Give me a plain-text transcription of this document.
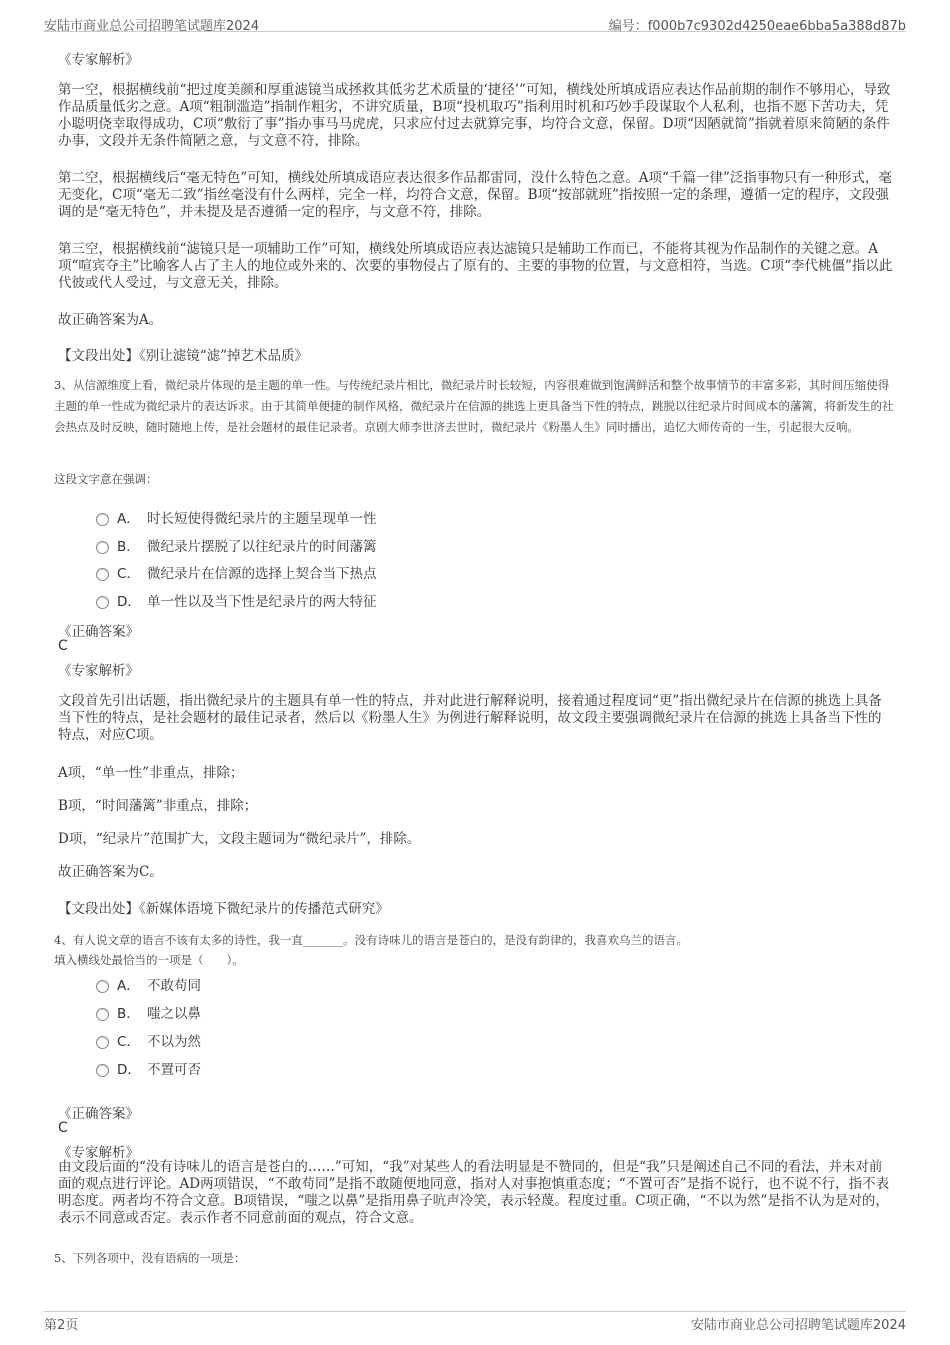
安陆市商业总公司招聘笔试题库2024	编号：f000b7c9302d4250eae6bba5a388d87b
《专家解析》
第一空，根据横线前“把过度美颜和厚重滤镜当成拯救其低劣艺术质量的‘捷径’”可知，横线处所填成语应表达作品前期的制作不够用心，导致作品质量低劣之意。A项“粗制滥造”指制作粗劣，不讲究质量，B项“投机取巧”指利用时机和巧妙手段谋取个人私利，也指不愿下苦功夫，凭小聪明侥幸取得成功，C项“敷衍了事”指办事马马虎虎，只求应付过去就算完事，均符合文意，保留。D项“因陋就简”指就着原来简陋的条件办事，文段并无条件简陋之意，与文意不符，排除。
第二空，根据横线后“毫无特色”可知，横线处所填成语应表达很多作品都雷同，没什么特色之意。A项“千篇一律”泛指事物只有一种形式，毫无变化，C项“毫无二致”指丝毫没有什么两样，完全一样，均符合文意，保留。B项“按部就班”指按照一定的条理，遵循一定的程序，文段强调的是“毫无特色”，并未提及是否遵循一定的程序，与文意不符，排除。
第三空，根据横线前“滤镜只是一项辅助工作”可知，横线处所填成语应表达滤镜只是辅助工作而已，不能将其视为作品制作的关键之意。A项“喧宾夺主”比喻客人占了主人的地位或外来的、次要的事物侵占了原有的、主要的事物的位置，与文意相符，当选。C项“李代桃僵”指以此代彼或代人受过，与文意无关，排除。
故正确答案为A。
【文段出处】《别让滤镜“滤”掉艺术品质》
3、从信源维度上看，微纪录片体现的是主题的单一性。与传统纪录片相比，微纪录片时长较短，内容很难做到饱满鲜活和整个故事情节的丰富多彩，其时间压缩使得主题的单一性成为微纪录片的表达诉求。由于其简单便捷的制作风格，微纪录片在信源的挑选上更具备当下性的特点，跳脱以往纪录片时间成本的藩篱，将新发生的社会热点及时反映，随时随地上传，是社会题材的最佳记录者。京剧大师李世济去世时，微纪录片《粉墨人生》同时播出，追忆大师传奇的一生，引起很大反响。
这段文字意在强调：
A． 时长短使得微纪录片的主题呈现单一性
B． 微纪录片摆脱了以往纪录片的时间藩篱
C． 微纪录片在信源的选择上契合当下热点
D． 单一性以及当下性是纪录片的两大特征
《正确答案》
C
《专家解析》
文段首先引出话题，指出微纪录片的主题具有单一性的特点，并对此进行解释说明，接着通过程度词“更”指出微纪录片在信源的挑选上具备当下性的特点，是社会题材的最佳记录者，然后以《粉墨人生》为例进行解释说明，故文段主要强调微纪录片在信源的挑选上具备当下性的特点，对应C项。
A项，“单一性”非重点，排除；
B项，“时间藩篱”非重点，排除；
D项，“纪录片”范围扩大，文段主题词为“微纪录片”，排除。
故正确答案为C。
【文段出处】《新媒体语境下微纪录片的传播范式研究》
4、有人说文章的语言不该有太多的诗性，我一直_______。没有诗味儿的语言是苍白的，是没有韵律的，我喜欢乌兰的语言。
填入横线处最恰当的一项是（　　）。
A． 不敢苟同
B． 嗤之以鼻
C． 不以为然
D． 不置可否
《正确答案》
C
《专家解析》
由文段后面的“没有诗味儿的语言是苍白的……”可知，“我”对某些人的看法明显是不赞同的，但是“我”只是阐述自己不同的看法，并未对前面的观点进行评论。AD两项错误，“不敢苟同”是指不敢随便地同意，指对人对事抱慎重态度；“不置可否”是指不说行，也不说不行，指不表明态度。两者均不符合文意。B项错误，“嗤之以鼻”是指用鼻子吭声冷笑，表示轻蔑。程度过重。C项正确，“不以为然”是指不认为是对的，表示不同意或否定。表示作者不同意前面的观点，符合文意。
5、下列各项中，没有语病的一项是：
第2页	安陆市商业总公司招聘笔试题库2024
